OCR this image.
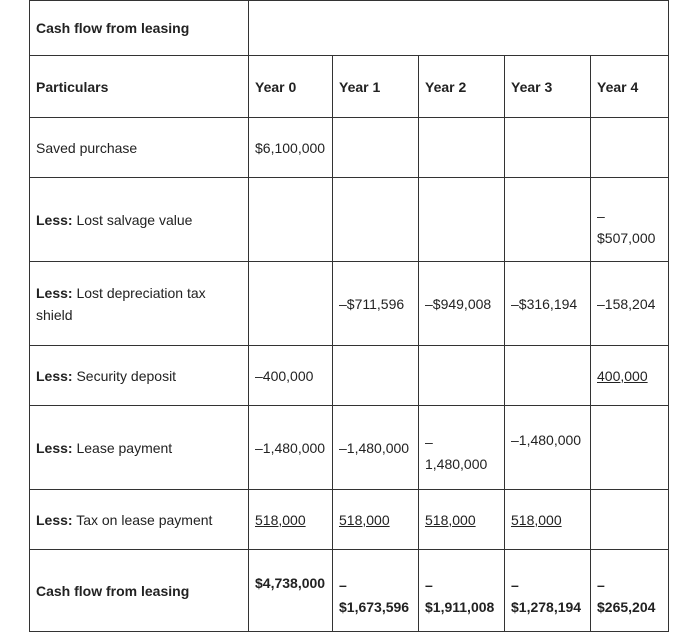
Cash flow from leasing					
Particulars	Year 0	Year 1	Year 2	Year 3	Year 4
Saved purchase	$6,100,000				
Less: Lost salvage value					–
$507,000

Less: Lost depreciation tax
shield		–$711,596	–$949,008	–$316,194	–158,204
Less: Security deposit	–400,000				400,000
Less: Lease payment	–1,480,000	–1,480,000	–
1,480,000	–1,480,000	
Less: Tax on lease payment	518,000	518,000	518,000	518,000	
Cash flow from leasing	$4,738,000	–
$1,673,596	–
$1,911,008	–
$1,278,194	–
$265,204
